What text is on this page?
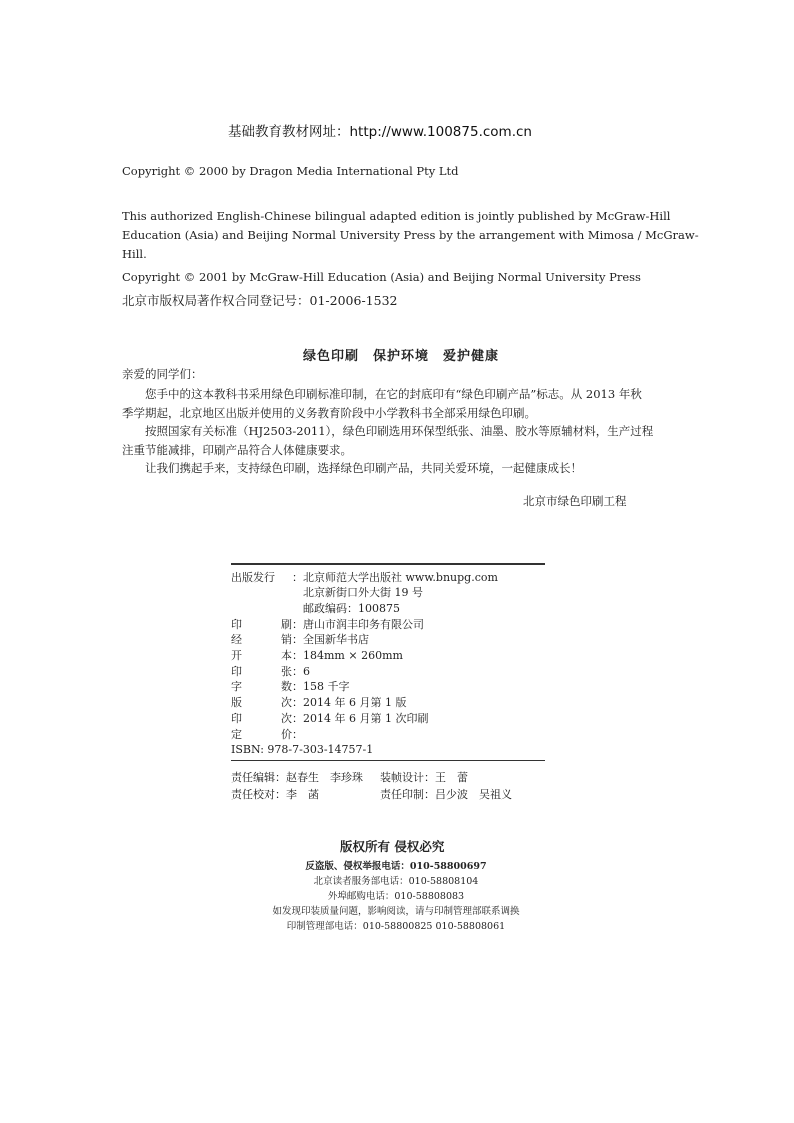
基础教育教材网址：http://www.100875.com.cn
Copyright © 2000 by Dragon Media International Pty Ltd
This authorized English-Chinese bilingual adapted edition is jointly published by McGraw-Hill
Education (Asia) and Beijing Normal University Press by the arrangement with Mimosa / McGraw-
Hill.
Copyright © 2001 by McGraw-Hill Education (Asia) and Beijing Normal University Press
北京市版权局著作权合同登记号：01-2006-1532
绿色印刷 保护环境 爱护健康
亲爱的同学们：
　　您手中的这本教科书采用绿色印刷标准印制，在它的封底印有“绿色印刷产品”标志。从 2013 年秋
季学期起，北京地区出版并使用的义务教育阶段中小学教科书全部采用绿色印刷。
　　按照国家有关标准（HJ2503-2011），绿色印刷选用环保型纸张、油墨、胶水等原辅材料，生产过程
注重节能减排，印刷产品符合人体健康要求。
　　让我们携起手来，支持绿色印刷，选择绿色印刷产品，共同关爱环境，一起健康成长！
北京市绿色印刷工程
出版发行 ： 北京师范大学出版社 www.bnupg.com
北京新街口外大街 19 号
邮政编码：100875
印	刷： 唐山市润丰印务有限公司
经	销： 全国新华书店
开	本： 184mm × 260mm
印	张： 6
字	数： 158 千字
版	次： 2014 年 6 月第 1 版
印	次： 2014 年 6 月第 1 次印刷
定	价：
ISBN: 978-7-303-14757-1
责任编辑： 赵春生　李珍珠	装帧设计： 王　蕾
责任校对： 李　菡	责任印制： 吕少波　吴祖义
版权所有 侵权必究
反盗版、侵权举报电话：010-58800697
北京读者服务部电话：010-58808104
外埠邮购电话：010-58808083
如发现印装质量问题，影响阅读，请与印制管理部联系调换
印制管理部电话：010-58800825 010-58808061
